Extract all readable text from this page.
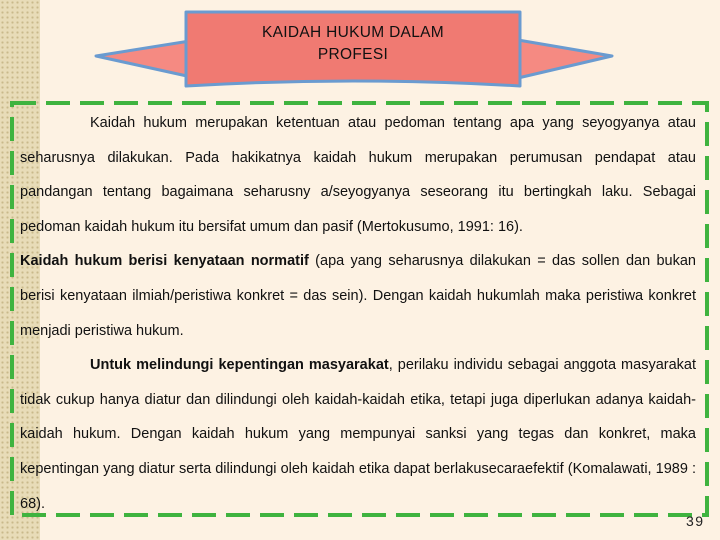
KAIDAH HUKUM DALAM
PROFESI

Kaidah hukum merupakan ketentuan atau pedoman tentang apa yang seyogyanya atau seharusnya dilakukan. Pada hakikatnya kaidah hukum merupakan perumusan pendapat atau pandangan tentang bagaimana seharusny a/seyogyanya seseorang itu bertingkah laku. Sebagai pedoman kaidah hukum itu bersifat umum dan pasif (Mertokusumo, 1991: 16).

Kaidah hukum berisi kenyataan normatif (apa yang seharusnya dilakukan = das sollen dan bukan berisi kenyataan ilmiah/peristiwa konkret = das sein). Dengan kaidah hukumlah maka peristiwa konkret menjadi peristiwa hukum.

Untuk melindungi kepentingan masyarakat, perilaku individu sebagai anggota masyarakat tidak cukup hanya diatur dan dilindungi oleh kaidah-kaidah etika, tetapi juga diperlukan adanya kaidah-kaidah hukum. Dengan kaidah hukum yang mempunyai sanksi yang tegas dan konkret, maka kepentingan yang diatur serta dilindungi oleh kaidah etika dapat berlakusecaraefektif (Komalawati, 1989 : 68).

39
